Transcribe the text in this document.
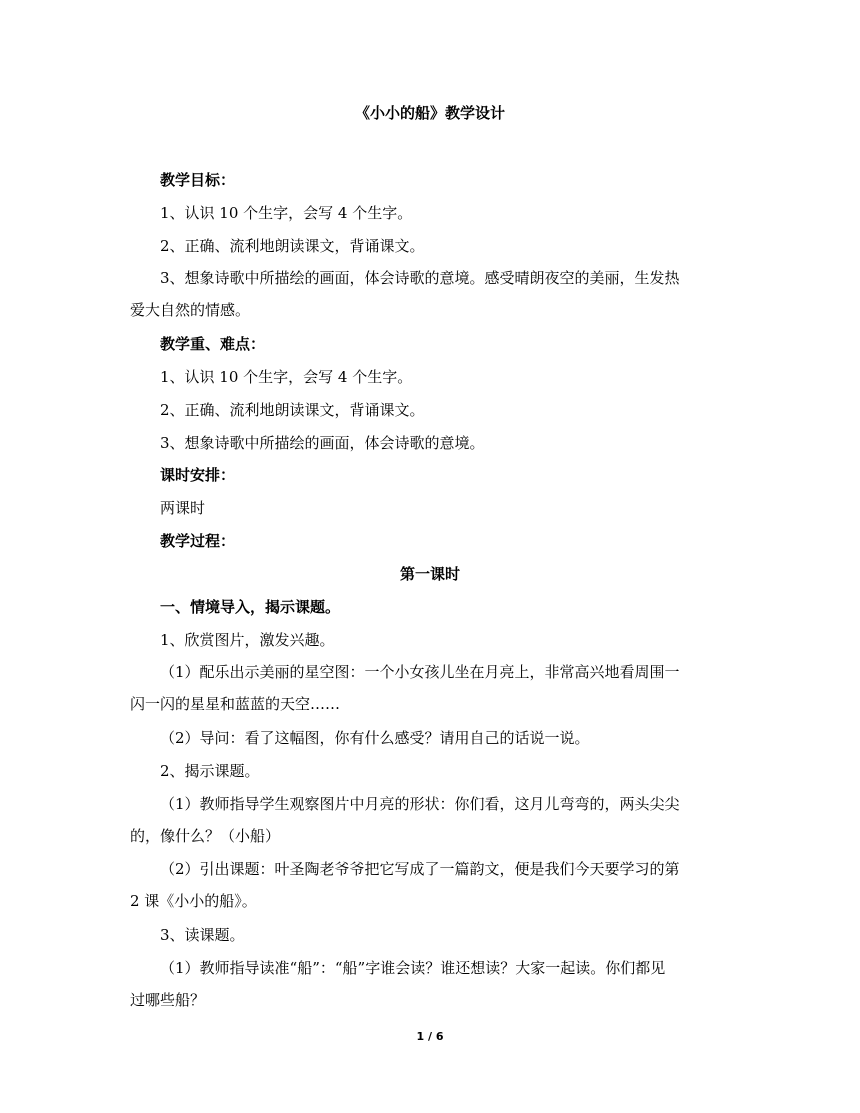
《小小的船》教学设计
教学目标：
1、认识 10 个生字，会写 4 个生字。
2、正确、流利地朗读课文，背诵课文。
3、想象诗歌中所描绘的画面，体会诗歌的意境。感受晴朗夜空的美丽，生发热
爱大自然的情感。
教学重、难点：
1、认识 10 个生字，会写 4 个生字。
2、正确、流利地朗读课文，背诵课文。
3、想象诗歌中所描绘的画面，体会诗歌的意境。
课时安排：
两课时
教学过程：
第一课时
一、情境导入，揭示课题。
1、欣赏图片，激发兴趣。
（1）配乐出示美丽的星空图：一个小女孩儿坐在月亮上，非常高兴地看周围一
闪一闪的星星和蓝蓝的天空……
（2）导问：看了这幅图，你有什么感受？请用自己的话说一说。
2、揭示课题。
（1）教师指导学生观察图片中月亮的形状：你们看，这月儿弯弯的，两头尖尖
的，像什么？（小船）
（2）引出课题：叶圣陶老爷爷把它写成了一篇韵文，便是我们今天要学习的第
2 课《小小的船》。
3、读课题。
（1）教师指导读准“船”：“船”字谁会读？谁还想读？大家一起读。你们都见
过哪些船？
1 / 6
